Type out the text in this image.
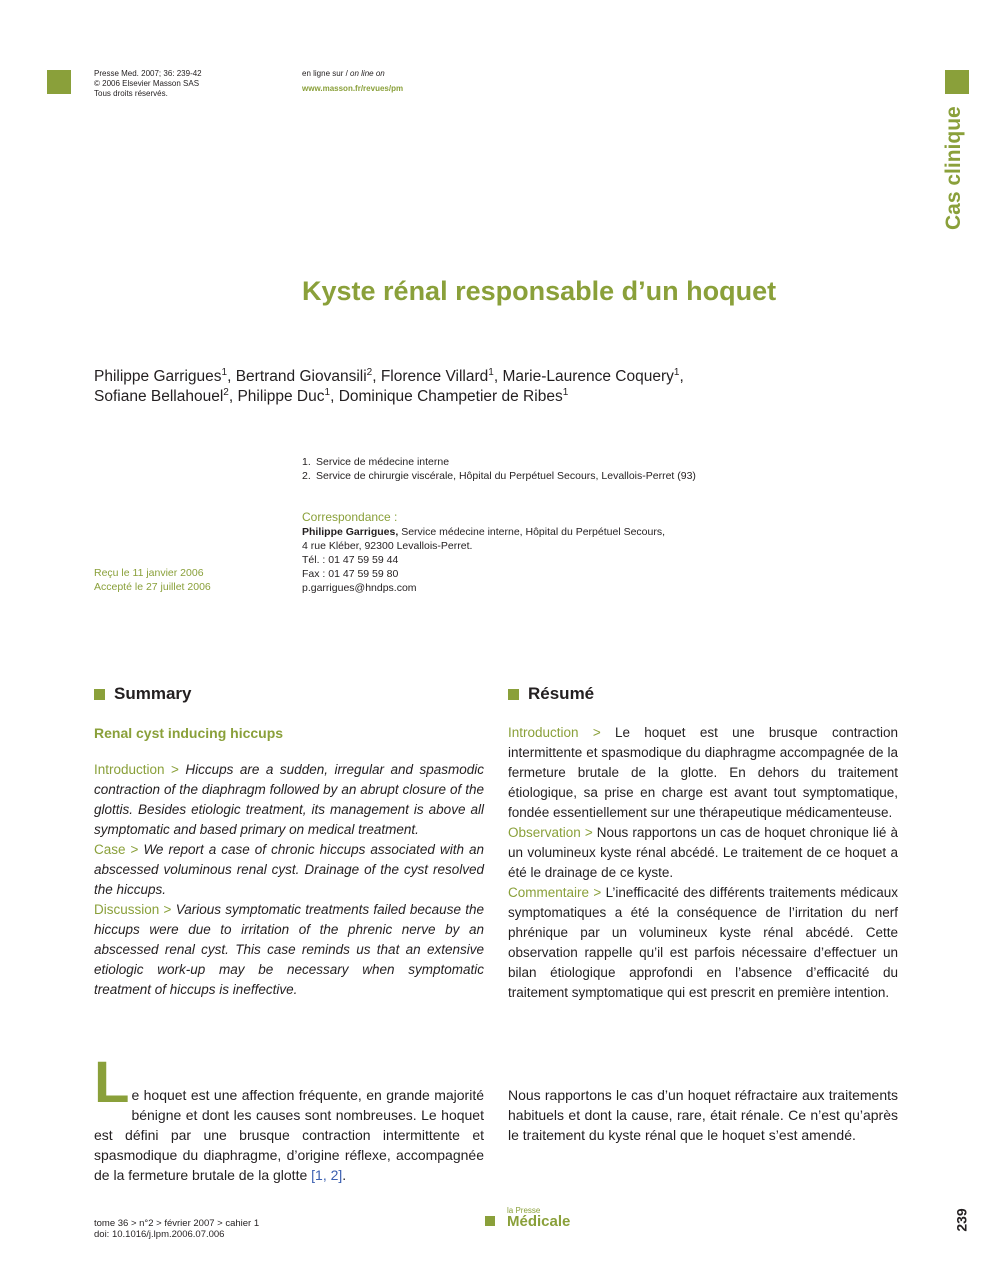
Presse Med. 2007; 36: 239-42
© 2006 Elsevier Masson SAS
Tous droits réservés.
en ligne sur / on line on
www.masson.fr/revues/pm
Cas clinique
Kyste rénal responsable d’un hoquet
Philippe Garrigues$^1$, Bertrand Giovansili$^2$, Florence Villard$^1$, Marie-Laurence Coquery$^1$,
Sofiane Bellahouel$^2$, Philippe Duc$^1$, Dominique Champetier de Ribes$^1$
1. Service de médecine interne
2. Service de chirurgie viscérale, Hôpital du Perpétuel Secours, Levallois-Perret (93)
Correspondance :
Philippe Garrigues, Service médecine interne, Hôpital du Perpétuel Secours,
4 rue Kléber, 92300 Levallois-Perret.
Tél. : 01 47 59 59 44
Fax : 01 47 59 59 80
p.garrigues@hndps.com
Reçu le 11 janvier 2006
Accepté le 27 juillet 2006
Summary
Renal cyst inducing hiccups
Introduction > Hiccups are a sudden, irregular and spasmodic contraction of the diaphragm followed by an abrupt closure of the glottis. Besides etiologic treatment, its management is above all symptomatic and based primary on medical treatment.
Case > We report a case of chronic hiccups associated with an abscessed voluminous renal cyst. Drainage of the cyst resolved the hiccups.
Discussion > Various symptomatic treatments failed because the hiccups were due to irritation of the phrenic nerve by an abscessed renal cyst. This case reminds us that an extensive etiologic work-up may be necessary when symptomatic treatment of hiccups is ineffective.
Résumé
Introduction > Le hoquet est une brusque contraction intermittente et spasmodique du diaphragme accompagnée de la fermeture brutale de la glotte. En dehors du traitement étiologique, sa prise en charge est avant tout symptomatique, fondée essentiellement sur une thérapeutique médicamenteuse.
Observation > Nous rapportons un cas de hoquet chronique lié à un volumineux kyste rénal abcédé. Le traitement de ce hoquet a été le drainage de ce kyste.
Commentaire > L’inefficacité des différents traitements médicaux symptomatiques a été la conséquence de l’irritation du nerf phrénique par un volumineux kyste rénal abcédé. Cette observation rappelle qu’il est parfois nécessaire d’effectuer un bilan étiologique approfondi en l’absence d’efficacité du traitement symptomatique qui est prescrit en première intention.
L e hoquet est une affection fréquente, en grande majorité bénigne et dont les causes sont nombreuses. Le hoquet est défini par une brusque contraction intermittente et spasmodique du diaphragme, d’origine réflexe, accompagnée de la fermeture brutale de la glotte [1, 2].
Nous rapportons le cas d’un hoquet réfractaire aux traitements habituels et dont la cause, rare, était rénale. Ce n’est qu’après le traitement du kyste rénal que le hoquet s’est amendé.
tome 36 > n°2 > février 2007 > cahier 1
doi: 10.1016/j.lpm.2006.07.006
la Presse
Médicale	239
